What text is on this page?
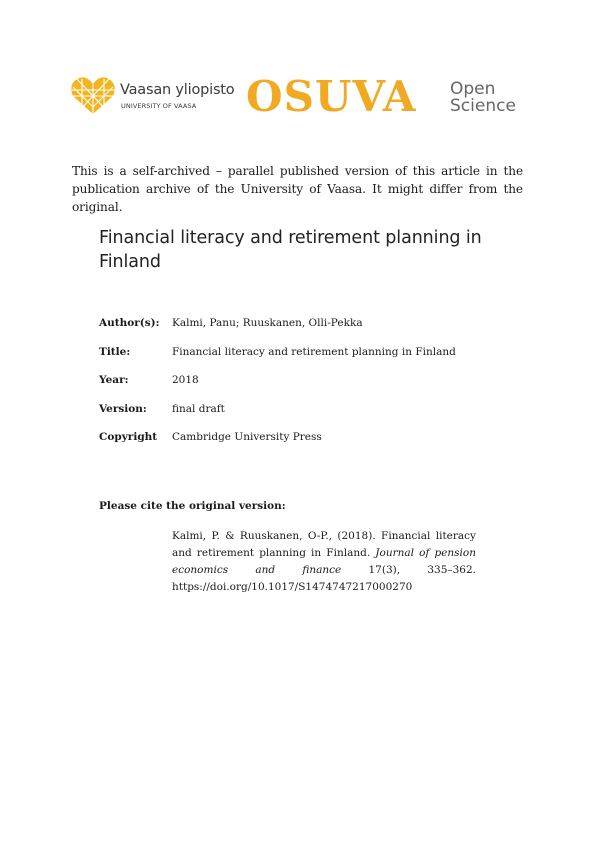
Vaasan yliopisto
UNIVERSITY OF VAASA OSUVA Open
Science

This is a self-archived – parallel published version of this article in the publication archive of the University of Vaasa. It might differ from the original.

Financial literacy and retirement planning in Finland
Author(s): Kalmi, Panu; Ruuskanen, Olli-Pekka
Title:	Financial literacy and retirement planning in Finland
Year:	2018
Version: final draft
Copyright Cambridge University Press
Please cite the original version:

Kalmi, P. & Ruuskanen, O-P., (2018). Financial literacy and retirement planning in Finland. Journal of pension economics and finance	17(3), 335–362. https://doi.org/10.1017/S1474747217000270
